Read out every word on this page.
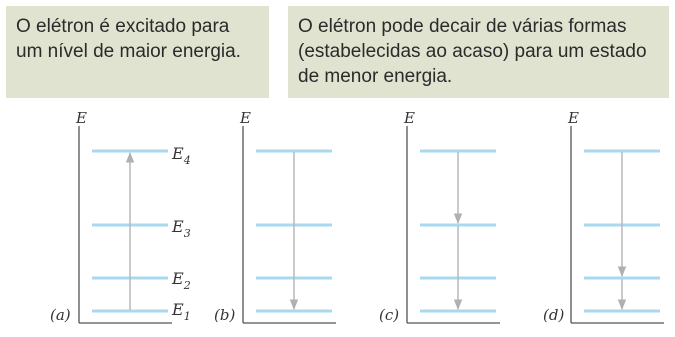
O elétron é excitado para um nível de maior energia.
O elétron pode decair de várias formas (estabelecidas ao acaso) para um estado de menor energia.
E
$E_4$
$E_3$
$E_2$
$E_1$
(a)
E
(b)
E
(c)
E
(d)
